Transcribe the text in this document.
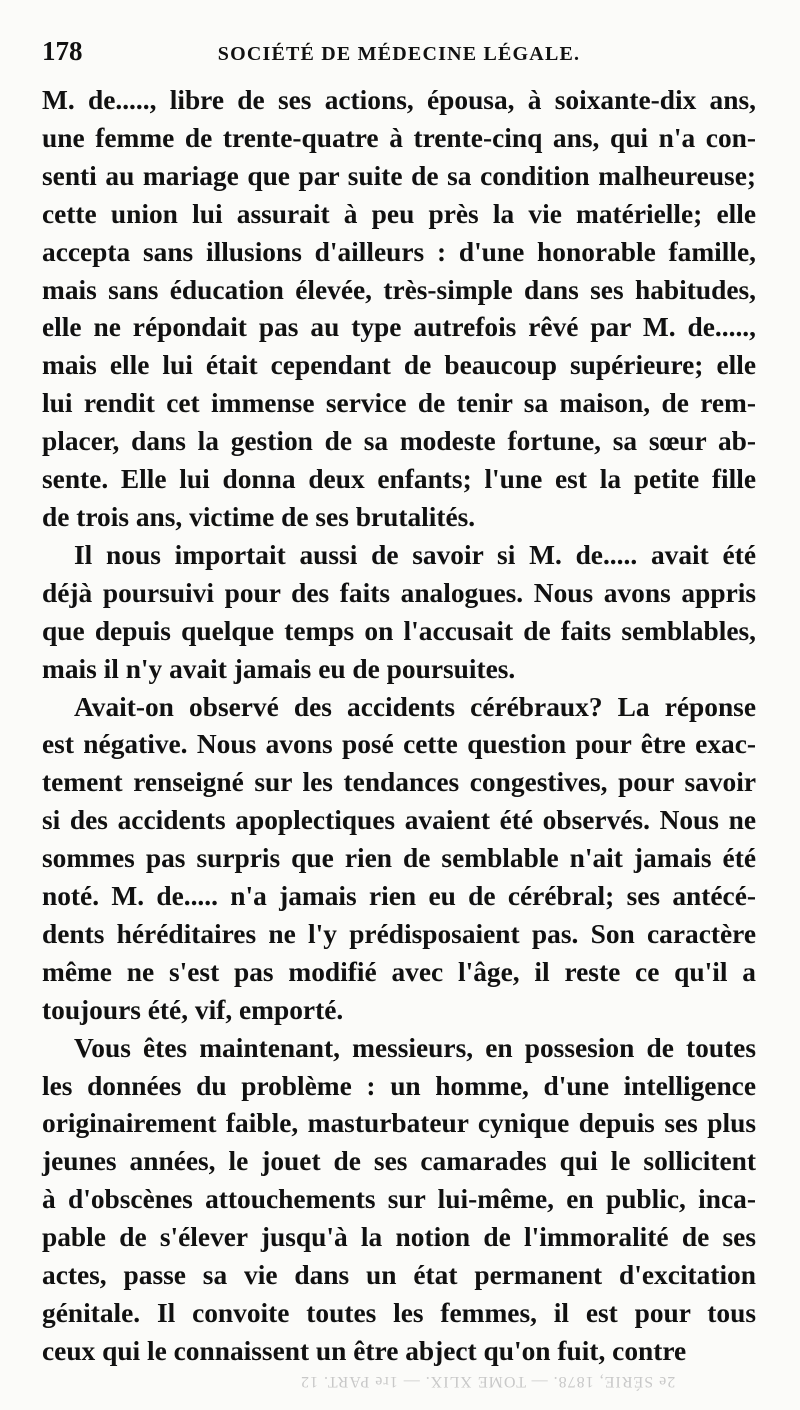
178	SOCIÉTÉ DE MÉDECINE LÉGALE.
M. de....., libre de ses actions, épousa, à soixante-dix ans,
une femme de trente-quatre à trente-cinq ans, qui n'a con-
senti au mariage que par suite de sa condition malheureuse;
cette union lui assurait à peu près la vie matérielle; elle
accepta sans illusions d'ailleurs : d'une honorable famille,
mais sans éducation élevée, très-simple dans ses habitudes,
elle ne répondait pas au type autrefois rêvé par M. de.....,
mais elle lui était cependant de beaucoup supérieure; elle
lui rendit cet immense service de tenir sa maison, de rem-
placer, dans la gestion de sa modeste fortune, sa sœur ab-
sente. Elle lui donna deux enfants; l'une est la petite fille
de trois ans, victime de ses brutalités.
Il nous importait aussi de savoir si M. de..... avait été
déjà poursuivi pour des faits analogues. Nous avons appris
que depuis quelque temps on l'accusait de faits semblables,
mais il n'y avait jamais eu de poursuites.
Avait-on observé des accidents cérébraux? La réponse
est négative. Nous avons posé cette question pour être exac-
tement renseigné sur les tendances congestives, pour savoir
si des accidents apoplectiques avaient été observés. Nous ne
sommes pas surpris que rien de semblable n'ait jamais été
noté. M. de..... n'a jamais rien eu de cérébral; ses antécé-
dents héréditaires ne l'y prédisposaient pas. Son caractère
même ne s'est pas modifié avec l'âge, il reste ce qu'il a
toujours été, vif, emporté.
Vous êtes maintenant, messieurs, en possesion de toutes
les données du problème : un homme, d'une intelligence
originairement faible, masturbateur cynique depuis ses plus
jeunes années, le jouet de ses camarades qui le sollicitent
à d'obscènes attouchements sur lui-même, en public, inca-
pable de s'élever jusqu'à la notion de l'immoralité de ses
actes, passe sa vie dans un état permanent d'excitation
génitale. Il convoite toutes les femmes, il est pour tous
ceux qui le connaissent un être abject qu'on fuit, contre
2e SÉRIE, 1878. — TOME XLIX. — 1re PART. 12
